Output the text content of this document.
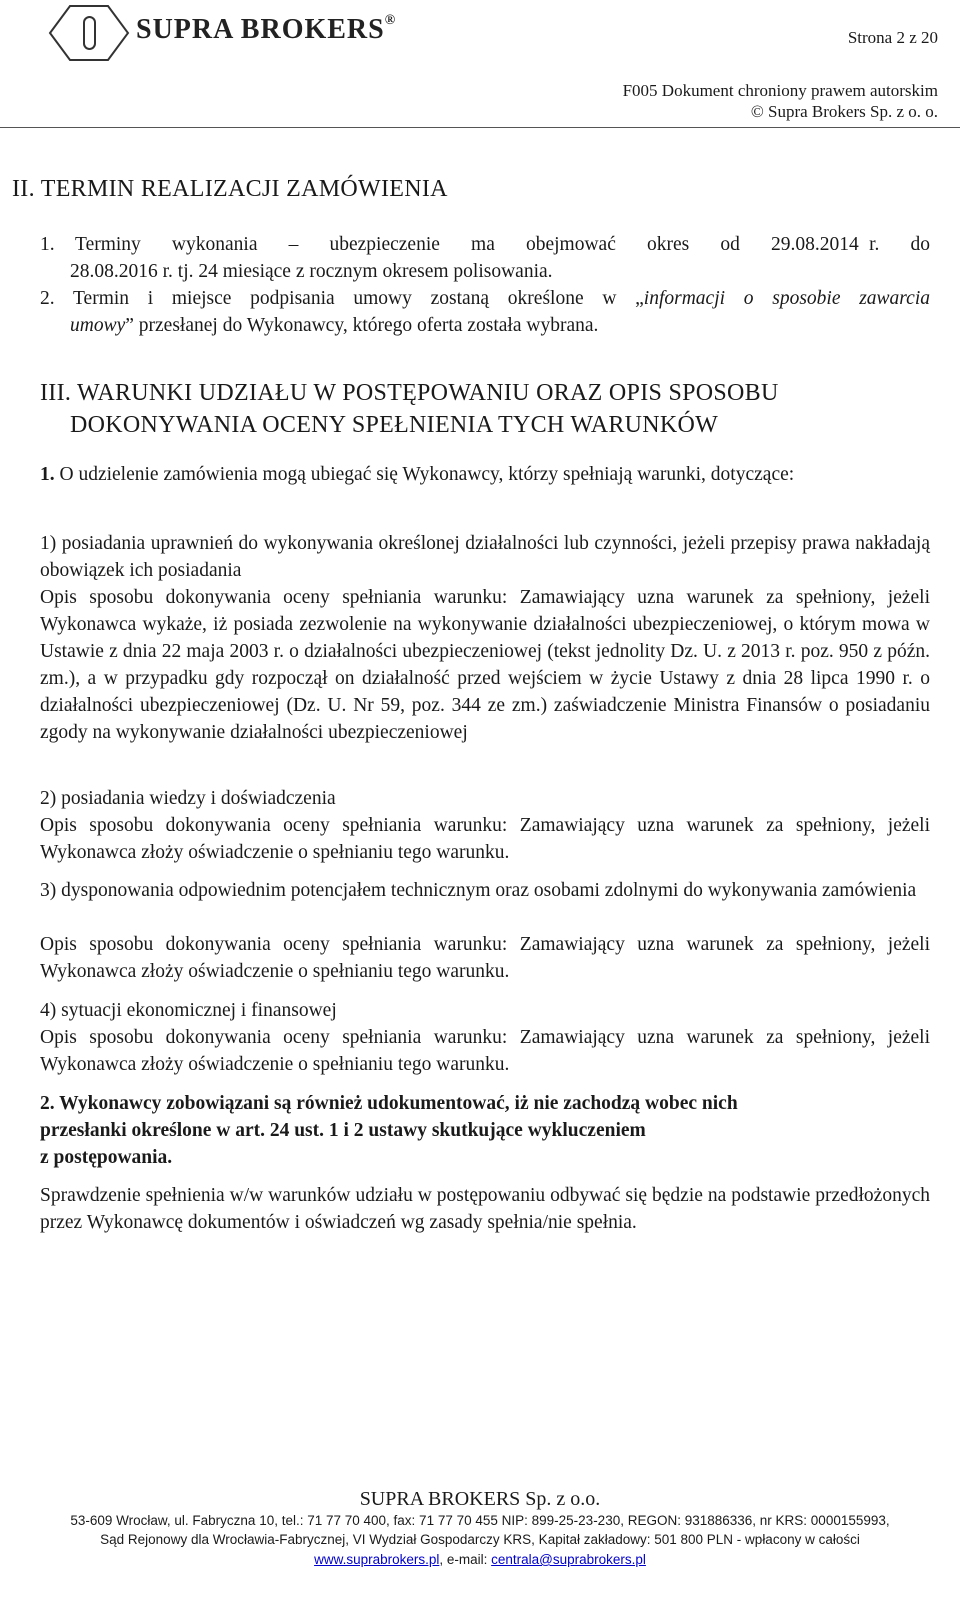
SUPRA BROKERS®
Strona 2 z 20
F005 Dokument chroniony prawem autorskim
© Supra Brokers Sp. z o. o.
II. TERMIN REALIZACJI ZAMÓWIENIA
1.  Terminy   wykonania   –   ubezpieczenie   ma   obejmować   okres   od   29.08.2014 r.   do
28.08.2016 r. tj. 24 miesiące z rocznym okresem polisowania.
2. Termin i miejsce podpisania umowy zostaną określone w „informacji o sposobie zawarcia
umowy” przesłanej do Wykonawcy, którego oferta została wybrana.
III. WARUNKI UDZIAŁU W POSTĘPOWANIU ORAZ OPIS SPOSOBU
DOKONYWANIA OCENY SPEŁNIENIA TYCH WARUNKÓW
1. O udzielenie zamówienia mogą ubiegać się Wykonawcy, którzy spełniają warunki, dotyczące:
1) posiadania uprawnień do wykonywania określonej działalności lub czynności, jeżeli przepisy prawa nakładają obowiązek ich posiadania
Opis sposobu dokonywania oceny spełniania warunku: Zamawiający uzna warunek za spełniony, jeżeli Wykonawca wykaże, iż posiada zezwolenie na wykonywanie działalności ubezpieczeniowej, o którym mowa w Ustawie z dnia 22 maja 2003 r. o działalności ubezpieczeniowej (tekst jednolity Dz. U. z 2013 r. poz. 950 z późn. zm.), a w przypadku gdy rozpoczął on działalność przed wejściem w życie Ustawy z dnia 28 lipca 1990 r. o działalności ubezpieczeniowej (Dz. U. Nr 59, poz. 344 ze zm.) zaświadczenie Ministra Finansów o posiadaniu zgody na wykonywanie działalności ubezpieczeniowej
2) posiadania wiedzy i doświadczenia
Opis sposobu dokonywania oceny spełniania warunku: Zamawiający uzna warunek za spełniony, jeżeli Wykonawca złoży oświadczenie o spełnianiu tego warunku.
3) dysponowania odpowiednim potencjałem technicznym oraz osobami zdolnymi do wykonywania zamówienia
Opis sposobu dokonywania oceny spełniania warunku: Zamawiający uzna warunek za spełniony, jeżeli Wykonawca złoży oświadczenie o spełnianiu tego warunku.
4) sytuacji ekonomicznej i finansowej
Opis sposobu dokonywania oceny spełniania warunku: Zamawiający uzna warunek za spełniony, jeżeli Wykonawca złoży oświadczenie o spełnianiu tego warunku.
2. Wykonawcy zobowiązani są również udokumentować, iż nie zachodzą wobec nich
przesłanki określone w art. 24 ust. 1 i 2 ustawy skutkujące wykluczeniem
z postępowania.
Sprawdzenie spełnienia w/w warunków udziału w postępowaniu odbywać się będzie na podstawie przedłożonych przez Wykonawcę dokumentów i oświadczeń wg zasady spełnia/nie spełnia.
SUPRA BROKERS Sp. z o.o.
53-609 Wrocław, ul. Fabryczna 10, tel.: 71 77 70 400, fax: 71 77 70 455 NIP: 899-25-23-230, REGON: 931886336, nr KRS: 0000155993,
Sąd Rejonowy dla Wrocławia-Fabrycznej, VI Wydział Gospodarczy KRS, Kapitał zakładowy: 501 800 PLN - wpłacony w całości
www.suprabrokers.pl, e-mail: centrala@suprabrokers.pl
